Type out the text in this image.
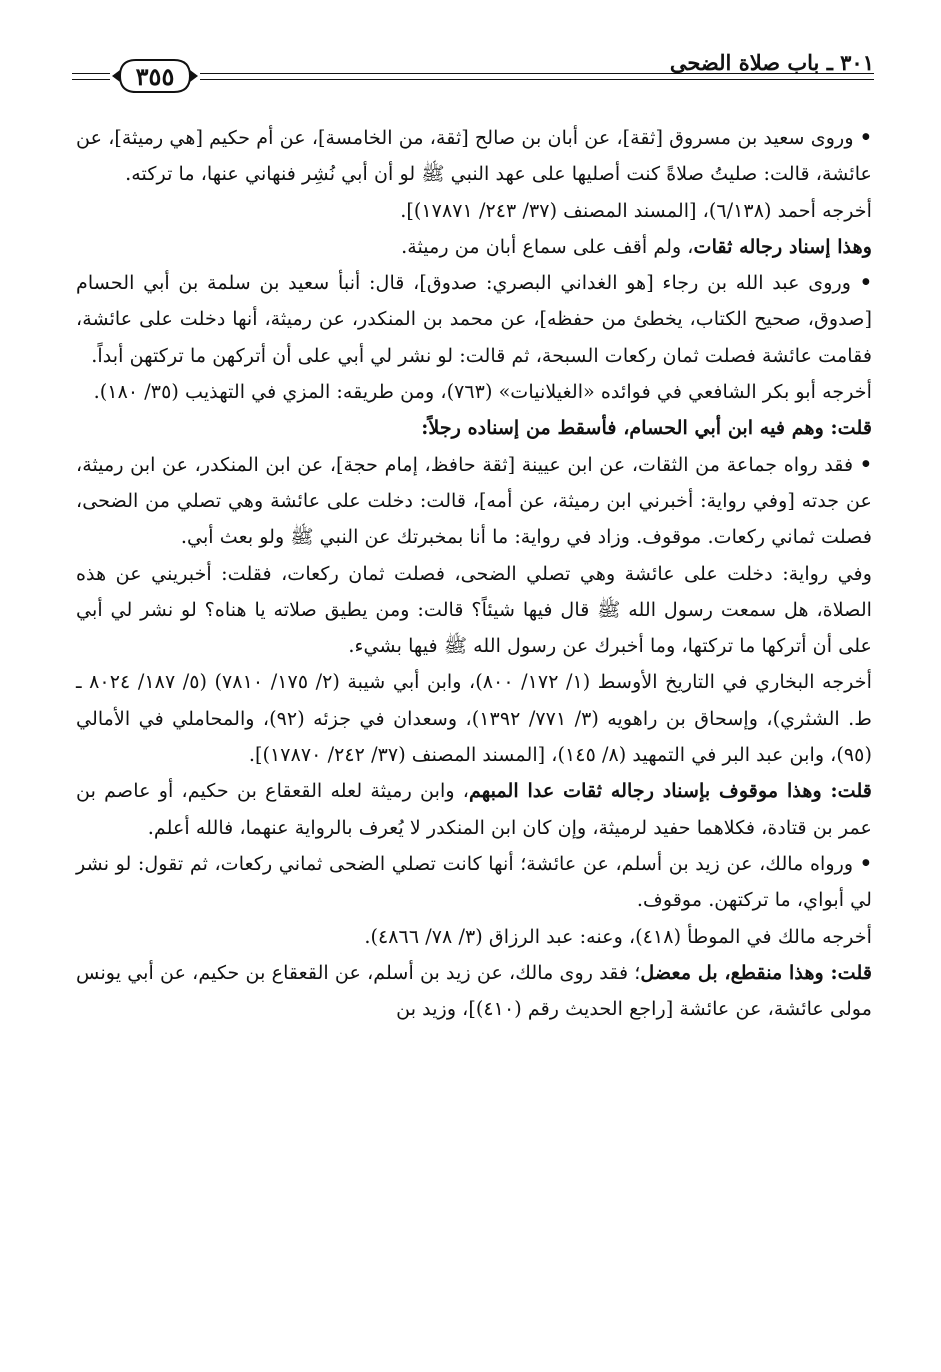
٣٠١ ـ باب صلاة الضحى
٣٥٥

• وروى سعيد بن مسروق [ثقة]، عن أبان بن صالح [ثقة، من الخامسة]، عن أم حكيم [هي رميثة]، عن عائشة، قالت: صليتُ صلاةً كنت أصليها على عهد النبي ﷺ لو أن أبي نُشِر فنهاني عنها، ما تركته.

أخرجه أحمد (٦/١٣٨)، [المسند المصنف (٣٧/ ٢٤٣/ ١٧٨٧١)].

وهذا إسناد رجاله ثقات، ولم أقف على سماع أبان من رميثة.

• وروى عبد الله بن رجاء [هو الغداني البصري: صدوق]، قال: أنبأ سعيد بن سلمة بن أبي الحسام [صدوق، صحيح الكتاب، يخطئ من حفظه]، عن محمد بن المنكدر، عن رميثة، أنها دخلت على عائشة، فقامت عائشة فصلت ثمان ركعات السبحة، ثم قالت: لو نشر لي أبي على أن أتركهن ما تركتهن أبداً.

أخرجه أبو بكر الشافعي في فوائده «الغيلانيات» (٧٦٣)، ومن طريقه: المزي في التهذيب (٣٥/ ١٨٠).

قلت: وهم فيه ابن أبي الحسام، فأسقط من إسناده رجلاً:

• فقد رواه جماعة من الثقات، عن ابن عيينة [ثقة حافظ، إمام حجة]، عن ابن المنكدر، عن ابن رميثة، عن جدته [وفي رواية: أخبرني ابن رميثة، عن أمه]، قالت: دخلت على عائشة وهي تصلي من الضحى، فصلت ثماني ركعات. موقوف. وزاد في رواية: ما أنا بمخبرتك عن النبي ﷺ ولو بعث أبي.

وفي رواية: دخلت على عائشة وهي تصلي الضحى، فصلت ثمان ركعات، فقلت: أخبريني عن هذه الصلاة، هل سمعت رسول الله ﷺ قال فيها شيئاً؟ قالت: ومن يطيق صلاته يا هناه؟ لو نشر لي أبي على أن أتركها ما تركتها، وما أخبرك عن رسول الله ﷺ فيها بشيء.

أخرجه البخاري في التاريخ الأوسط (١/ ١٧٢/ ٨٠٠)، وابن أبي شيبة (٢/ ١٧٥/ ٧٨١٠) (٥/ ١٨٧/ ٨٠٢٤ ـ ط. الشثري)، وإسحاق بن راهويه (٣/ ٧٧١/ ١٣٩٢)، وسعدان في جزئه (٩٢)، والمحاملي في الأمالي (٩٥)، وابن عبد البر في التمهيد (٨/ ١٤٥)، [المسند المصنف (٣٧/ ٢٤٢/ ١٧٨٧٠)].

قلت: وهذا موقوف بإسناد رجاله ثقات عدا المبهم، وابن رميثة لعله القعقاع بن حكيم، أو عاصم بن عمر بن قتادة، فكلاهما حفيد لرميثة، وإن كان ابن المنكدر لا يُعرف بالرواية عنهما، فالله أعلم.

• ورواه مالك، عن زيد بن أسلم، عن عائشة؛ أنها كانت تصلي الضحى ثماني ركعات، ثم تقول: لو نشر لي أبواي، ما تركتهن. موقوف.

أخرجه مالك في الموطأ (٤١٨)، وعنه: عبد الرزاق (٣/ ٧٨/ ٤٨٦٦).

قلت: وهذا منقطع، بل معضل؛ فقد روى مالك، عن زيد بن أسلم، عن القعقاع بن حكيم، عن أبي يونس مولى عائشة، عن عائشة [راجع الحديث رقم (٤١٠)]، وزيد بن
